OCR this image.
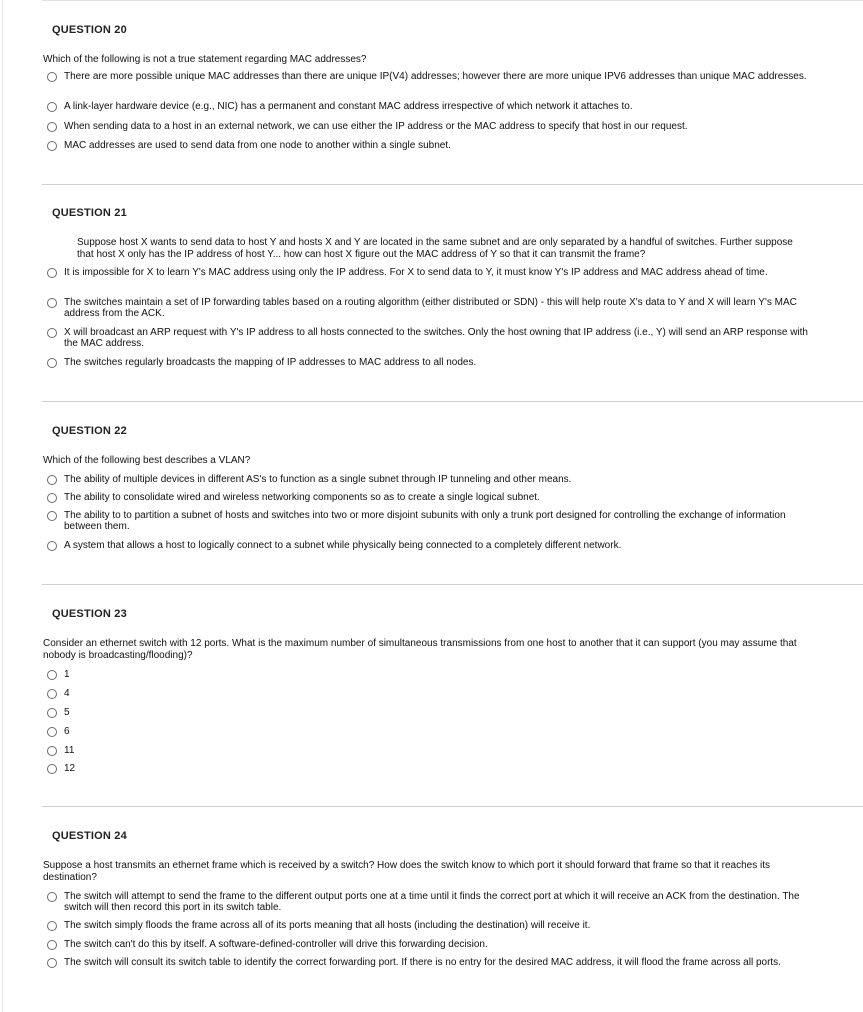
QUESTION 20
Which of the following is not a true statement regarding MAC addresses?
There are more possible unique MAC addresses than there are unique IP(V4) addresses; however there are more unique IPV6 addresses than unique MAC addresses.
A link-layer hardware device (e.g., NIC) has a permanent and constant MAC address irrespective of which network it attaches to.
When sending data to a host in an external network, we can use either the IP address or the MAC address to specify that host in our request.
MAC addresses are used to send data from one node to another within a single subnet.
QUESTION 21
Suppose host X wants to send data to host Y and hosts X and Y are located in the same subnet and are only separated by a handful of switches. Further suppose that host X only has the IP address of host Y... how can host X figure out the MAC address of Y so that it can transmit the frame?
It is impossible for X to learn Y's MAC address using only the IP address. For X to send data to Y, it must know Y's IP address and MAC address ahead of time.
The switches maintain a set of IP forwarding tables based on a routing algorithm (either distributed or SDN) - this will help route X's data to Y and X will learn Y's MAC address from the ACK.
X will broadcast an ARP request with Y's IP address to all hosts connected to the switches. Only the host owning that IP address (i.e., Y) will send an ARP response with the MAC address.
The switches regularly broadcasts the mapping of IP addresses to MAC address to all nodes.
QUESTION 22
Which of the following best describes a VLAN?
The ability of multiple devices in different AS's to function as a single subnet through IP tunneling and other means.
The ability to consolidate wired and wireless networking components so as to create a single logical subnet.
The ability to to partition a subnet of hosts and switches into two or more disjoint subunits with only a trunk port designed for controlling the exchange of information between them.
A system that allows a host to logically connect to a subnet while physically being connected to a completely different network.
QUESTION 23
Consider an ethernet switch with 12 ports. What is the maximum number of simultaneous transmissions from one host to another that it can support (you may assume that nobody is broadcasting/flooding)?
1
4
5
6
11
12
QUESTION 24
Suppose a host transmits an ethernet frame which is received by a switch? How does the switch know to which port it should forward that frame so that it reaches its destination?
The switch will attempt to send the frame to the different output ports one at a time until it finds the correct port at which it will receive an ACK from the destination. The switch will then record this port in its switch table.
The switch simply floods the frame across all of its ports meaning that all hosts (including the destination) will receive it.
The switch can't do this by itself. A software-defined-controller will drive this forwarding decision.
The switch will consult its switch table to identify the correct forwarding port. If there is no entry for the desired MAC address, it will flood the frame across all ports.
